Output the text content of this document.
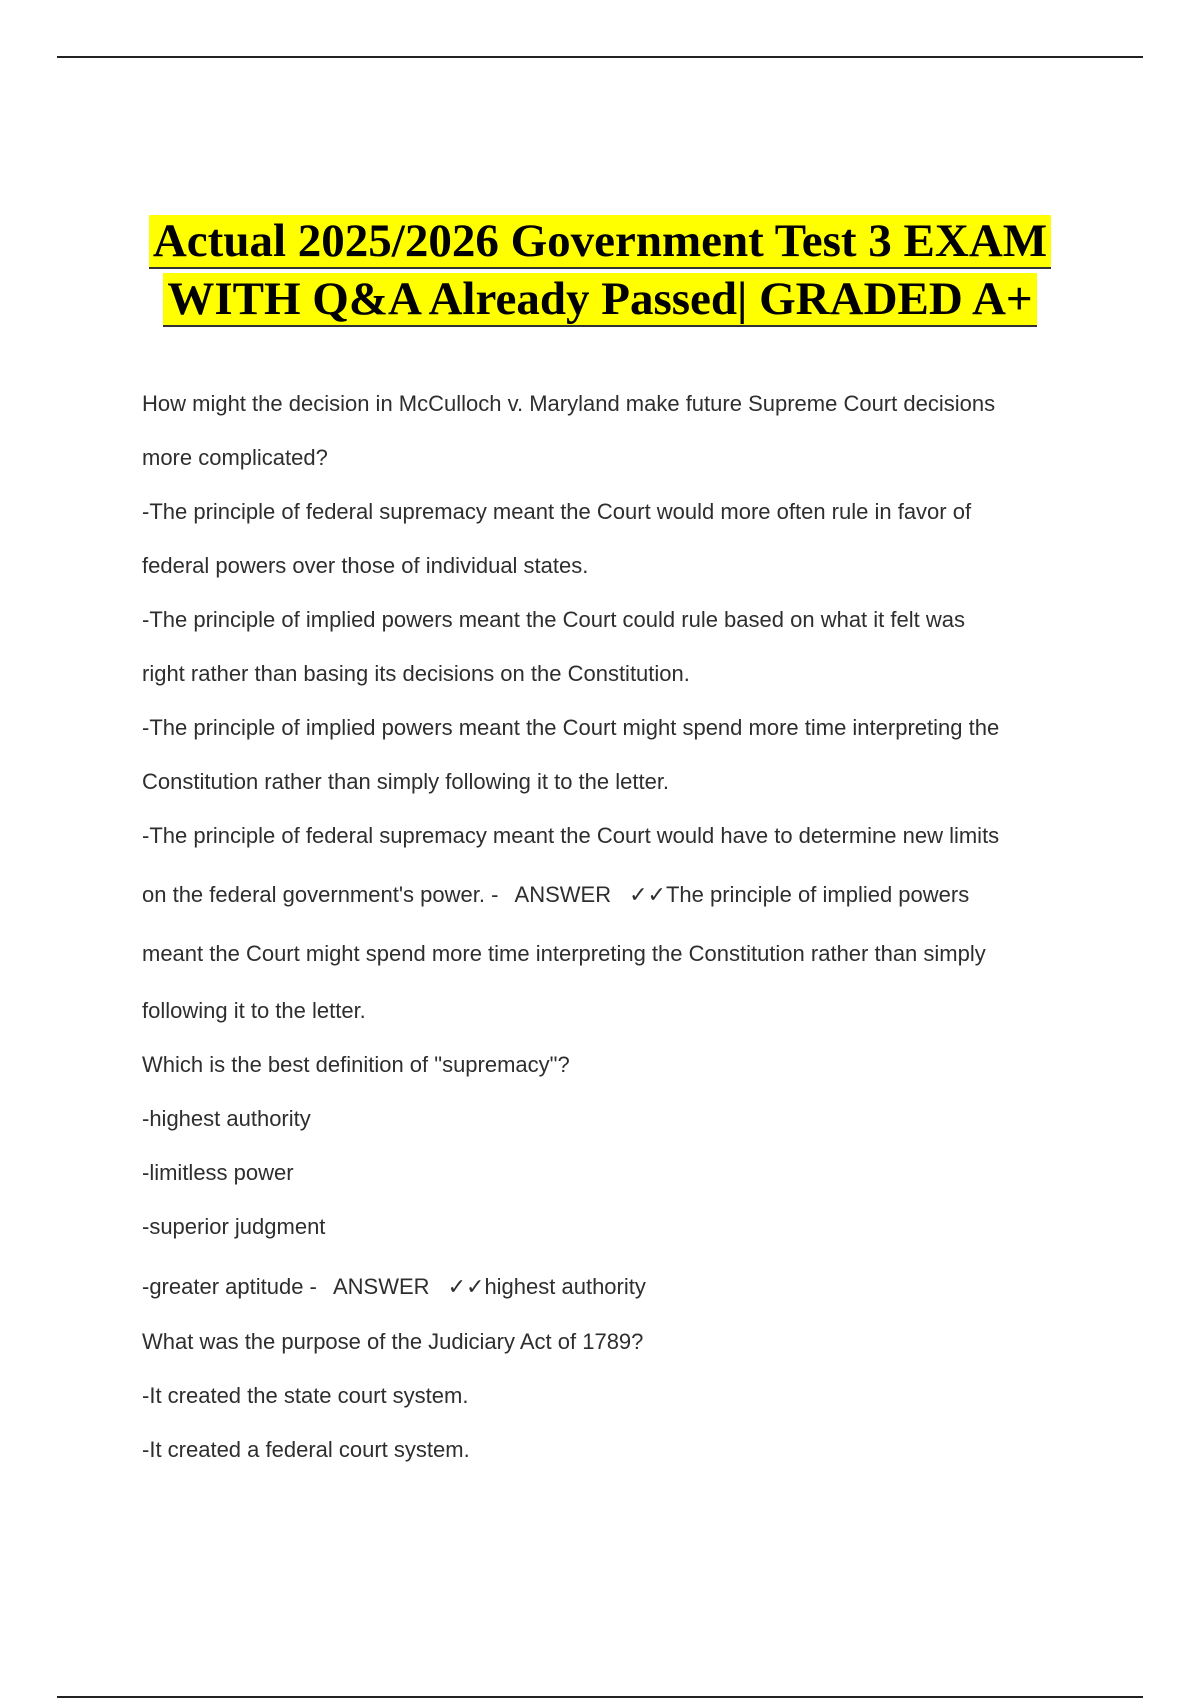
Actual 2025/2026 Government Test 3 EXAM
WITH Q&A Already Passed| GRADED A+
How might the decision in McCulloch v. Maryland make future Supreme Court decisions
more complicated?
-The principle of federal supremacy meant the Court would more often rule in favor of
federal powers over those of individual states.
-The principle of implied powers meant the Court could rule based on what it felt was
right rather than basing its decisions on the Constitution.
-The principle of implied powers meant the Court might spend more time interpreting the
Constitution rather than simply following it to the letter.
-The principle of federal supremacy meant the Court would have to determine new limits
on the federal government's power. - ANSWER ✓✓The principle of implied powers
meant the Court might spend more time interpreting the Constitution rather than simply
following it to the letter.
Which is the best definition of "supremacy"?
-highest authority
-limitless power
-superior judgment
-greater aptitude - ANSWER ✓✓highest authority
What was the purpose of the Judiciary Act of 1789?
-It created the state court system.
-It created a federal court system.
